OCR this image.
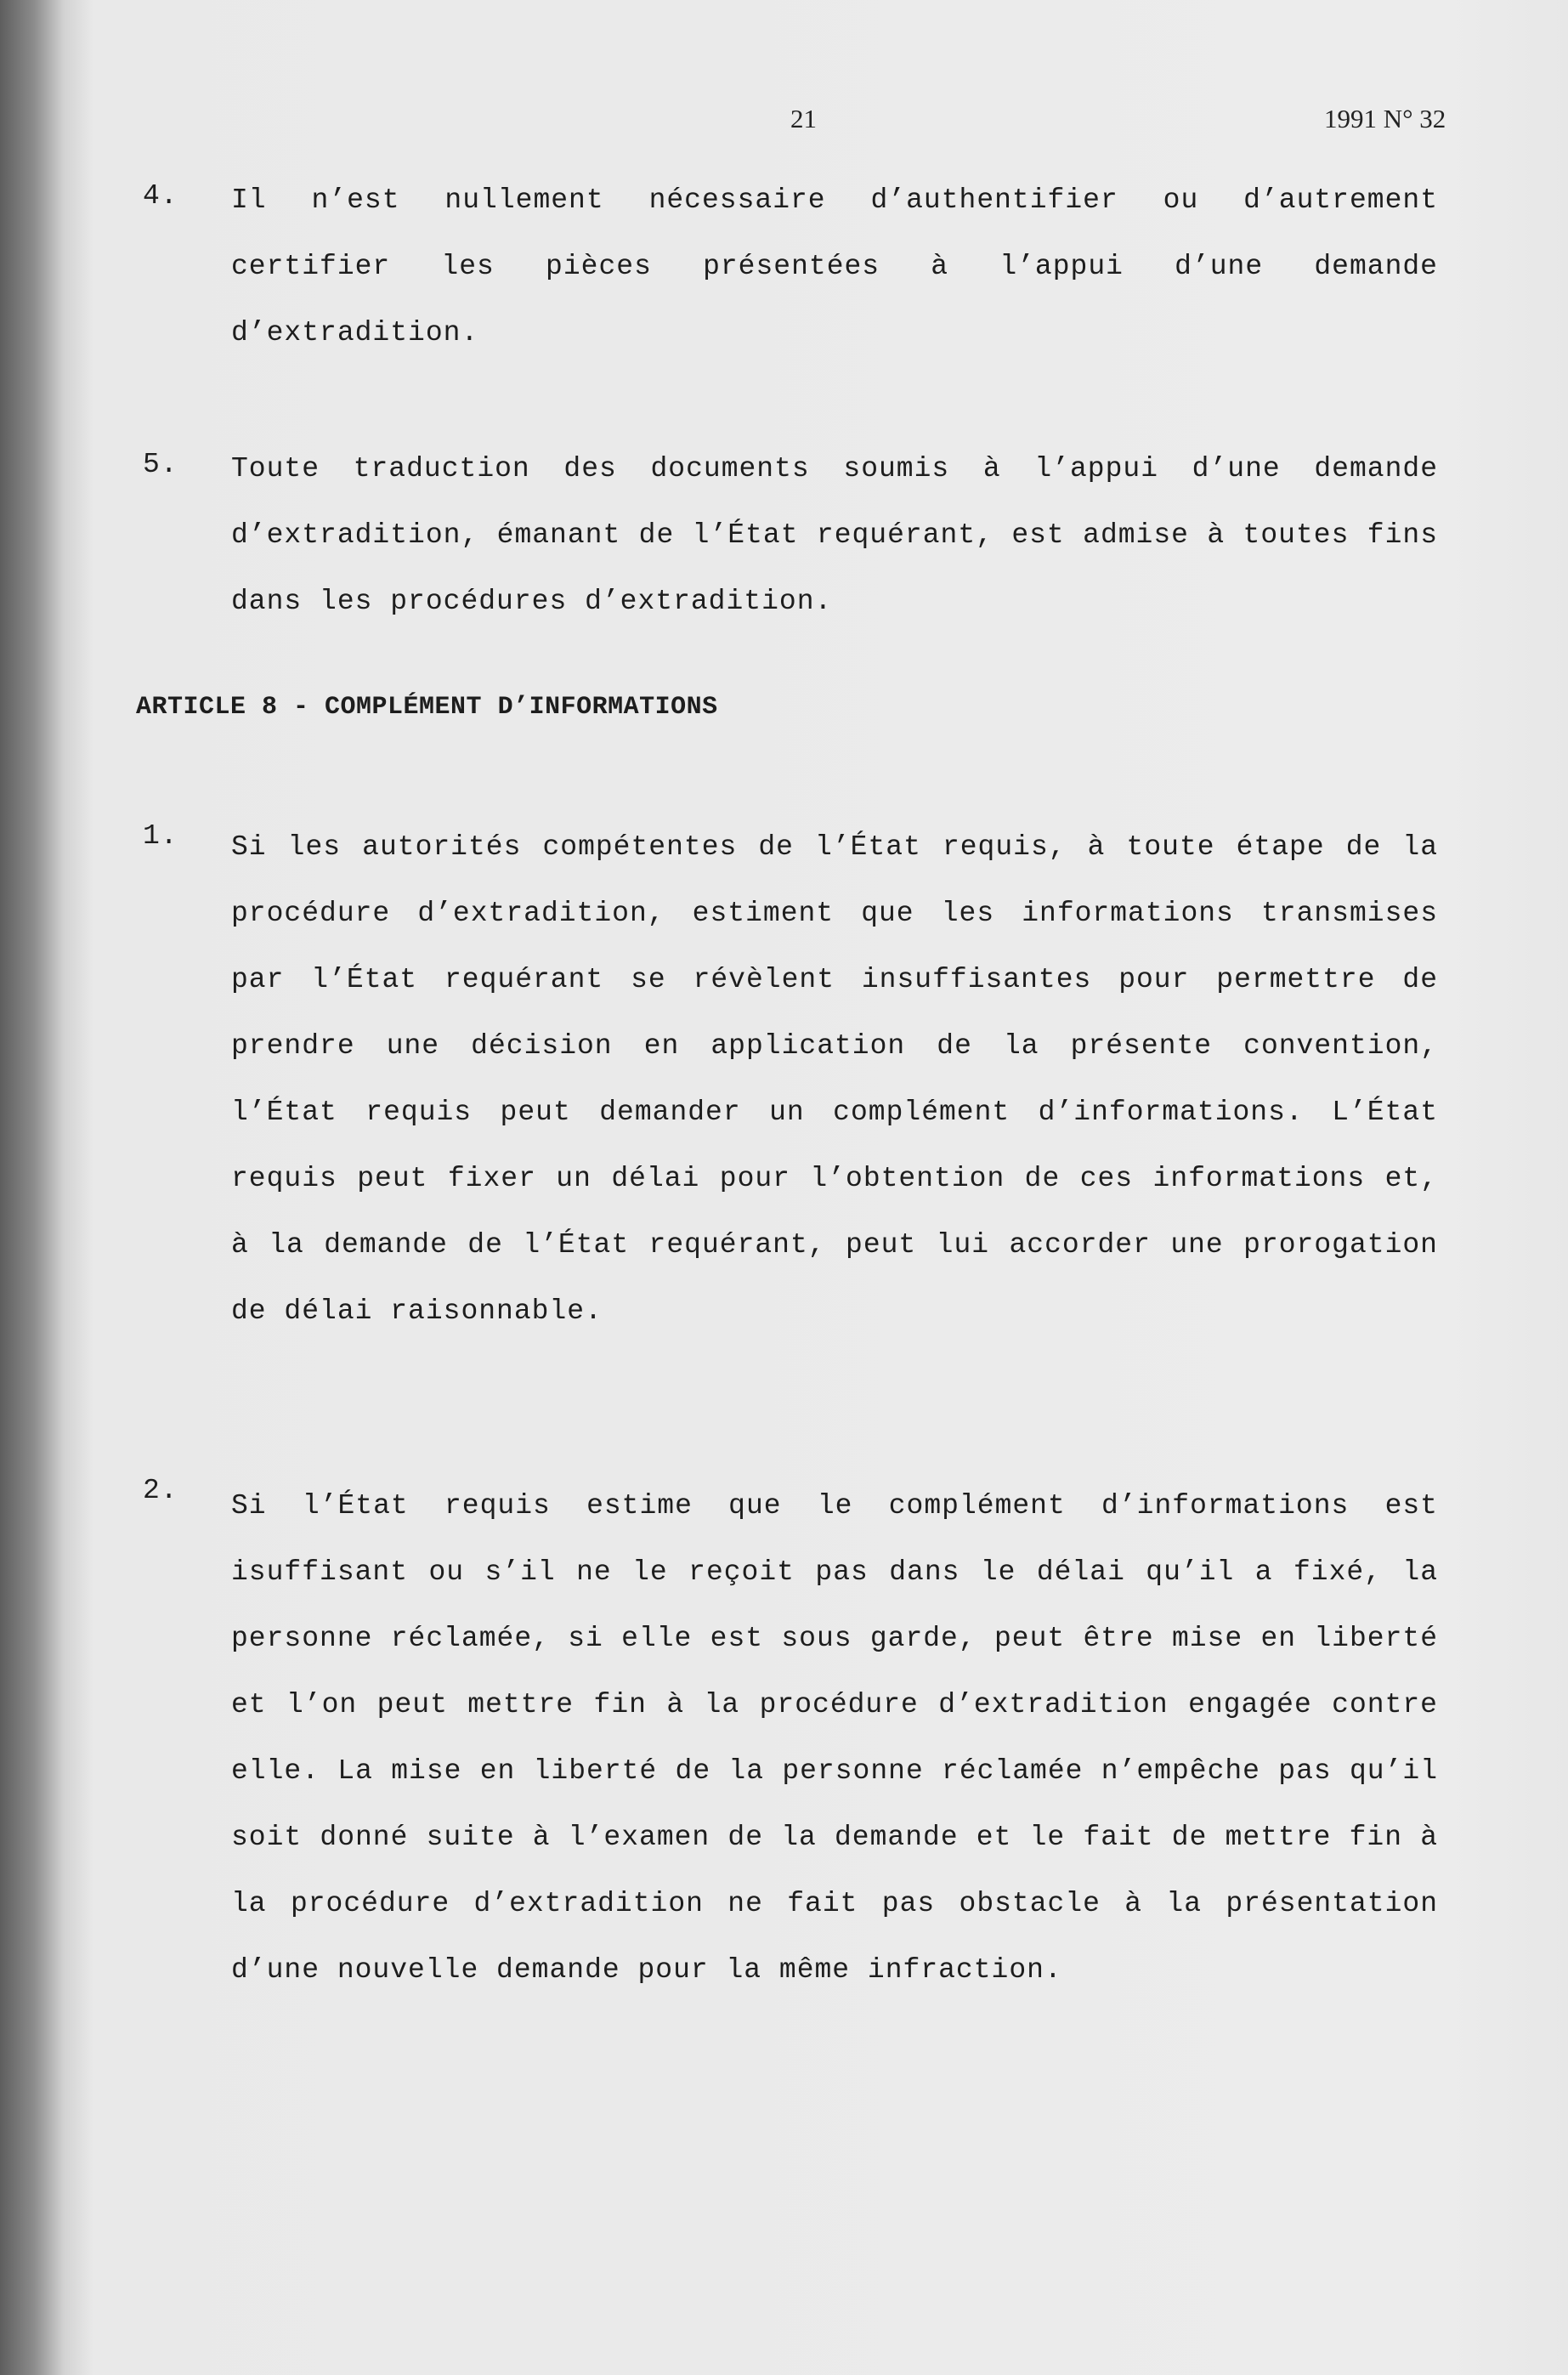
21	1991 N° 32
4. Il n’est nullement nécessaire d’authentifier ou d’autrement certifier les pièces présentées à l’appui d’une demande d’extradition.

5. Toute traduction des documents soumis à l’appui d’une demande d’extradition, émanant de l’État requérant, est admise à toutes fins dans les procédures d’extradition.

ARTICLE 8 - COMPLÉMENT D’INFORMATIONS
1. Si les autorités compétentes de l’État requis, à toute étape de la procédure d’extradition, estiment que les informations transmises par l’État requérant se révèlent insuffisantes pour permettre de prendre une décision en application de la présente convention, l’État requis peut demander un complément d’informations. L’État requis peut fixer un délai pour l’obtention de ces informations et, à la demande de l’État requérant, peut lui accorder une prorogation de délai raisonnable.

2. Si l’État requis estime que le complément d’informations est isuffisant ou s’il ne le reçoit pas dans le délai qu’il a fixé, la personne réclamée, si elle est sous garde, peut être mise en liberté et l’on peut mettre fin à la procédure d’extradition engagée contre elle. La mise en liberté de la personne réclamée n’empêche pas qu’il soit donné suite à l’examen de la demande et le fait de mettre fin à la procédure d’extradition ne fait pas obstacle à la présentation d’une nouvelle demande pour la même infraction.
